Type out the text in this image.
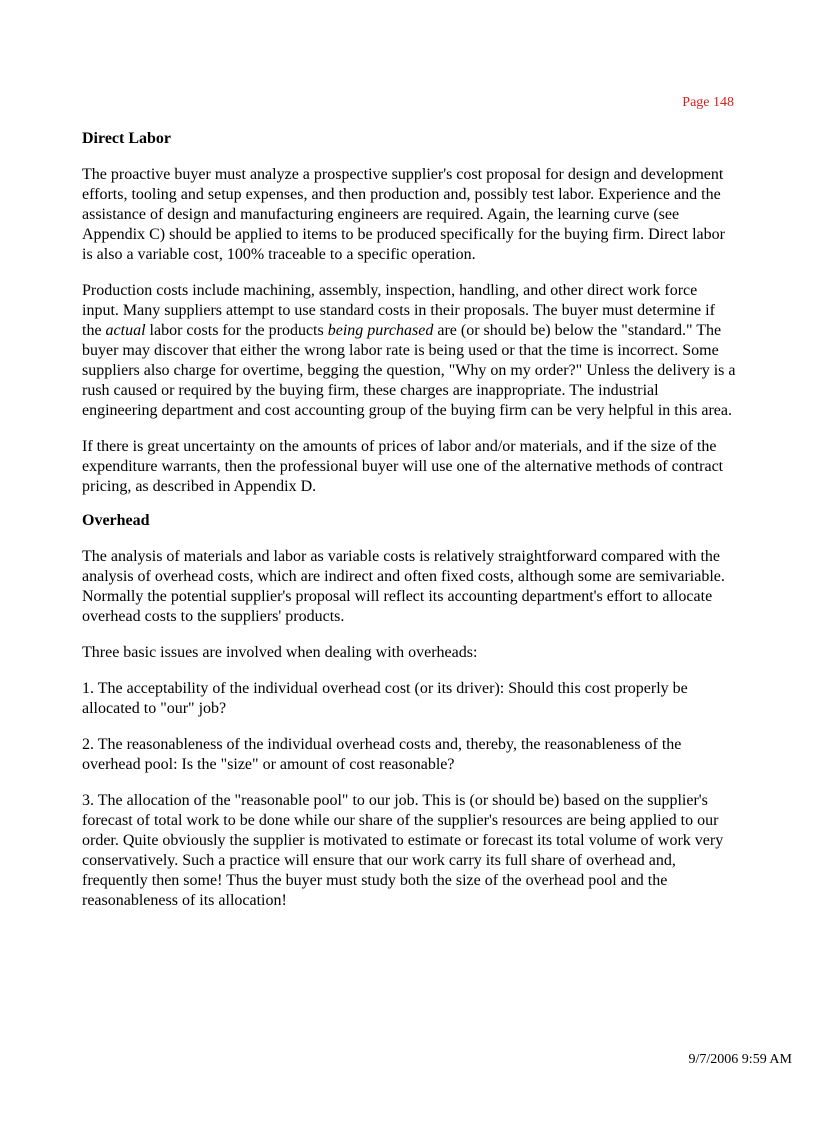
Page 148
Direct Labor

The proactive buyer must analyze a prospective supplier's cost proposal for design and development efforts, tooling and setup expenses, and then production and, possibly test labor. Experience and the assistance of design and manufacturing engineers are required. Again, the learning curve (see Appendix C) should be applied to items to be produced specifically for the buying firm. Direct labor is also a variable cost, 100% traceable to a specific operation.

Production costs include machining, assembly, inspection, handling, and other direct work force input. Many suppliers attempt to use standard costs in their proposals. The buyer must determine if the actual labor costs for the products being purchased are (or should be) below the "standard." The buyer may discover that either the wrong labor rate is being used or that the time is incorrect. Some suppliers also charge for overtime, begging the question, "Why on my order?" Unless the delivery is a rush caused or required by the buying firm, these charges are inappropriate. The industrial engineering department and cost accounting group of the buying firm can be very helpful in this area.

If there is great uncertainty on the amounts of prices of labor and/or materials, and if the size of the expenditure warrants, then the professional buyer will use one of the alternative methods of contract pricing, as described in Appendix D.

Overhead

The analysis of materials and labor as variable costs is relatively straightforward compared with the analysis of overhead costs, which are indirect and often fixed costs, although some are semivariable. Normally the potential supplier's proposal will reflect its accounting department's effort to allocate overhead costs to the suppliers' products.

Three basic issues are involved when dealing with overheads:

1. The acceptability of the individual overhead cost (or its driver): Should this cost properly be allocated to "our" job?

2. The reasonableness of the individual overhead costs and, thereby, the reasonableness of the overhead pool: Is the "size" or amount of cost reasonable?

3. The allocation of the "reasonable pool" to our job. This is (or should be) based on the supplier's forecast of total work to be done while our share of the supplier's resources are being applied to our order. Quite obviously the supplier is motivated to estimate or forecast its total volume of work very conservatively. Such a practice will ensure that our work carry its full share of overhead and, frequently then some! Thus the buyer must study both the size of the overhead pool and the reasonableness of its allocation!

9/7/2006 9:59 AM
